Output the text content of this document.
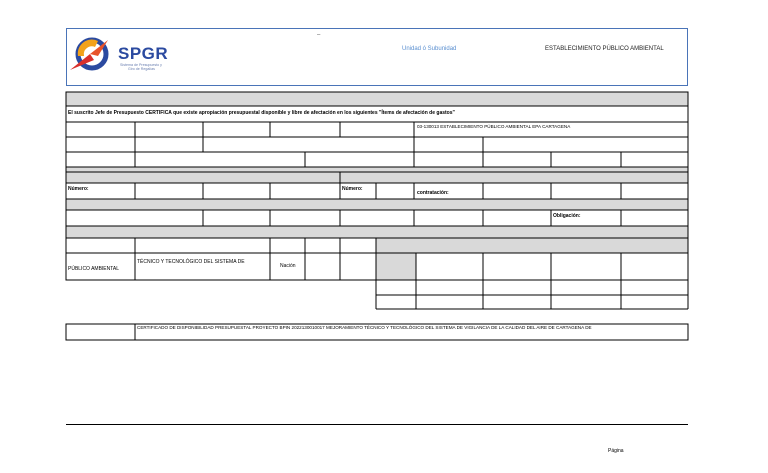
SPGR
Sistema de Presupuesto y
Giro de Regalías
–
Unidad ó Subunidad	ESTABLECIMIENTO PÚBLICO AMBIENTAL
El suscrito Jefe de Presupuesto CERTIFICA que existe apropiación presupuestal disponible y libre de afectación en los siguientes "Ítems de afectación de gastos"
03-130013 ESTABLECIMIENTO PÚBLICO AMBIENTAL EPA CARTAGENA
Número:	Número:
contratación:
Obligación:
TÉCNICO Y TECNOLÓGICO DEL SISTEMA DE
Nación
PÚBLICO AMBIENTAL
CERTIFICADO DE DISPONIBILIDAD PRESUPUESTAL PROYECTO BPIN 2022130010017 MEJORAMIENTO TÉCNICO Y TECNOLÓGICO DEL SISTEMA DE VIGILANCIA DE LA CALIDAD DEL AIRE DE CARTAGENA DE
Página
